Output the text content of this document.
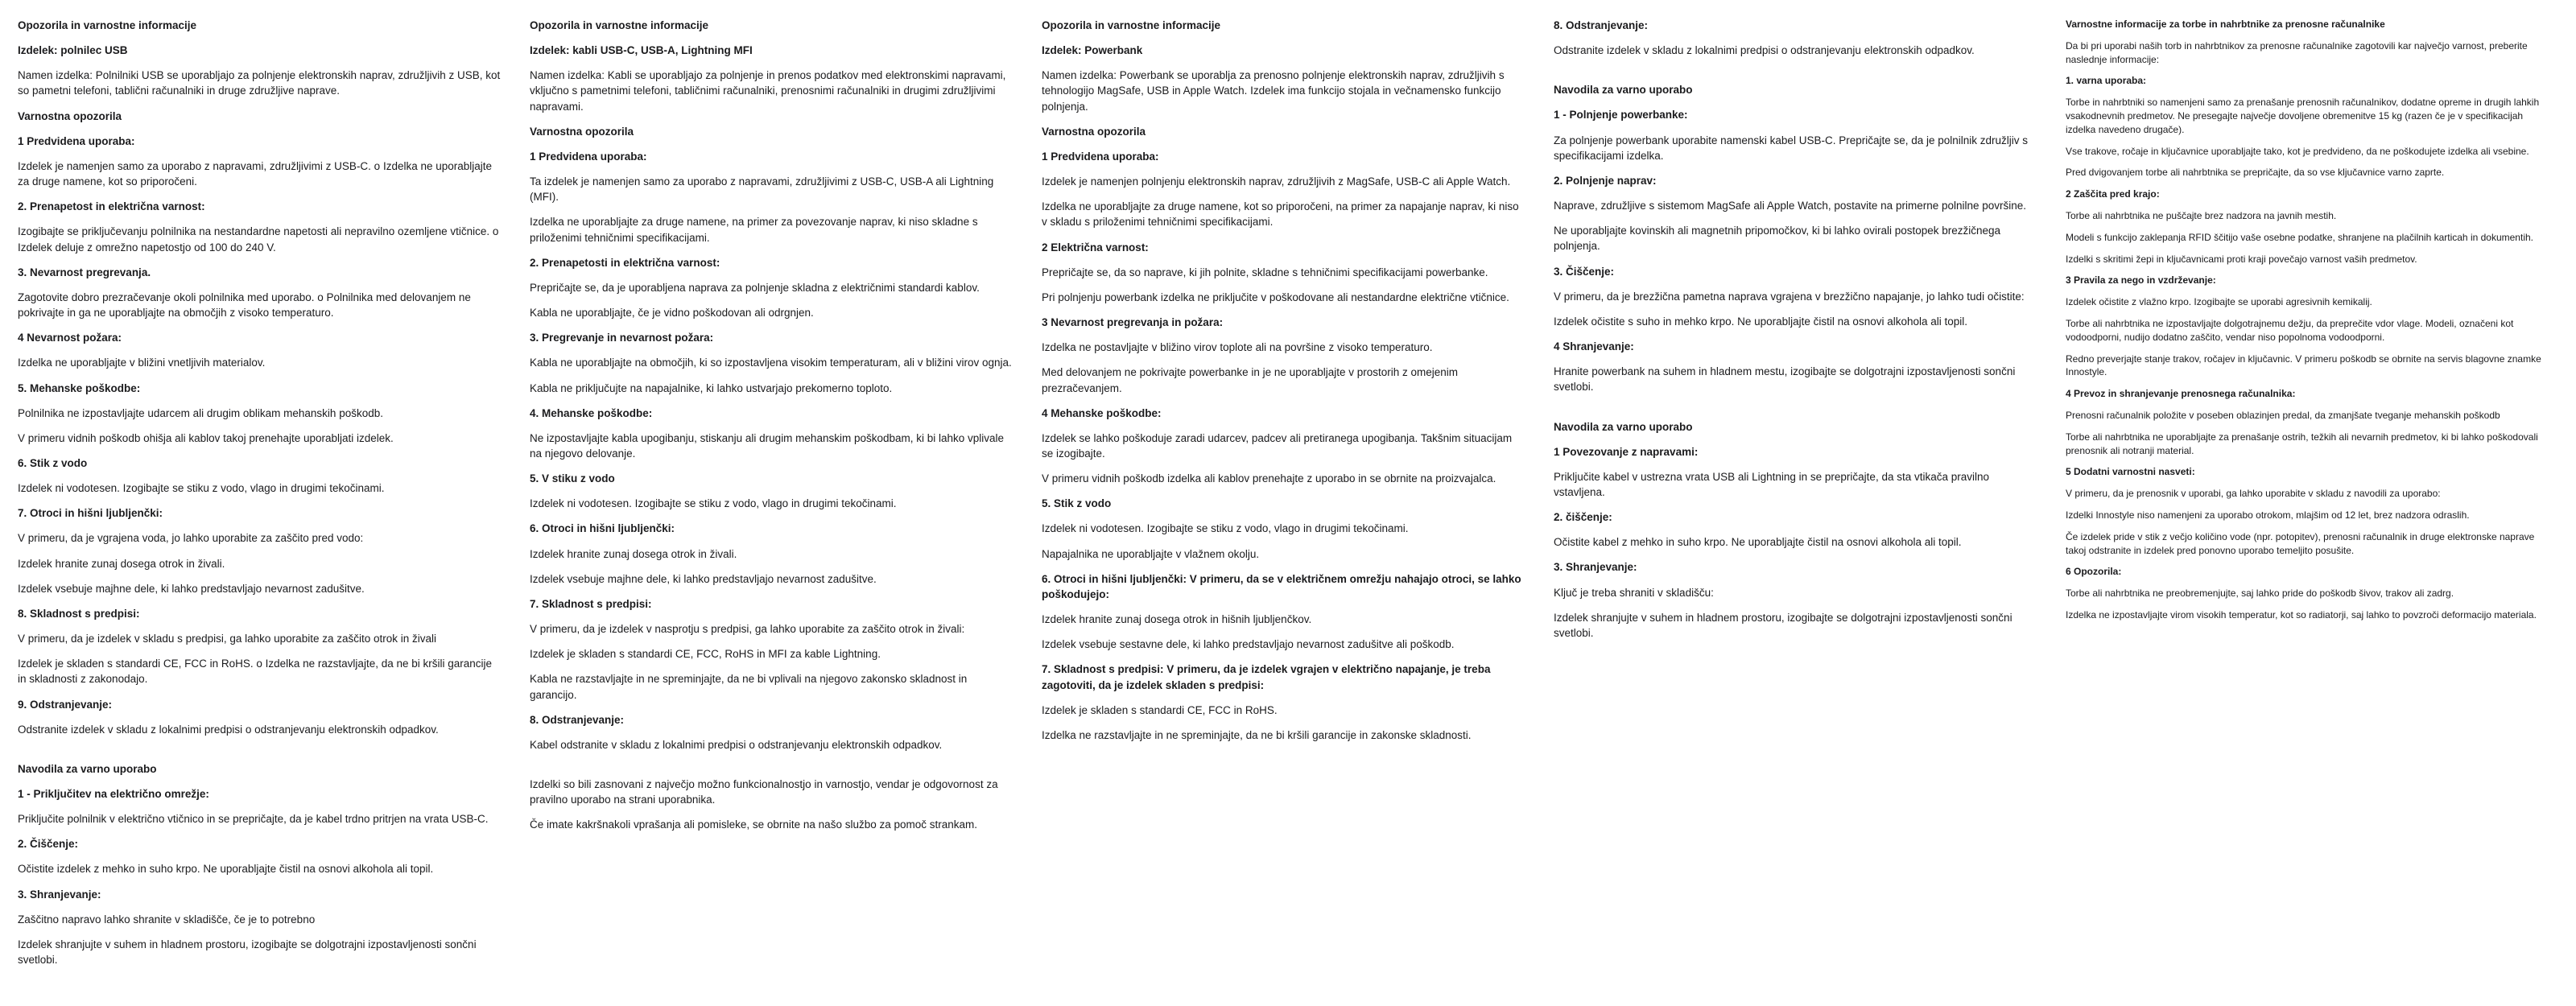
Opozorila in varnostne informacije
Izdelek: polnilec USB
Namen izdelka: Polnilniki USB se uporabljajo za polnjenje elektronskih naprav, združljivih z USB, kot so pametni telefoni, tablični računalniki in druge združljive naprave.
Varnostna opozorila
1 Predvidena uporaba:
Izdelek je namenjen samo za uporabo z napravami, združljivimi z USB-C. o Izdelka ne uporabljajte za druge namene, kot so priporočeni.
2. Prenapetost in električna varnost:
Izogibajte se priključevanju polnilnika na nestandardne napetosti ali nepravilno ozemljene vtičnice. o Izdelek deluje z omrežno napetostjo od 100 do 240 V.
3. Nevarnost pregrevanja.
Zagotovite dobro prezračevanje okoli polnilnika med uporabo. o Polnilnika med delovanjem ne pokrivajte in ga ne uporabljajte na območjih z visoko temperaturo.
4 Nevarnost požara:
Izdelka ne uporabljajte v bližini vnetljivih materialov.
5. Mehanske poškodbe:
Polnilnika ne izpostavljajte udarcem ali drugim oblikam mehanskih poškodb.
V primeru vidnih poškodb ohišja ali kablov takoj prenehajte uporabljati izdelek.
6. Stik z vodo
Izdelek ni vodotesen. Izogibajte se stiku z vodo, vlago in drugimi tekočinami.
7. Otroci in hišni ljubljenčki:
V primeru, da je vgrajena voda, jo lahko uporabite za zaščito pred vodo:
Izdelek hranite zunaj dosega otrok in živali.
Izdelek vsebuje majhne dele, ki lahko predstavljajo nevarnost zadušitve.
8. Skladnost s predpisi:
V primeru, da je izdelek v skladu s predpisi, ga lahko uporabite za zaščito otrok in živali
Izdelek je skladen s standardi CE, FCC in RoHS. o Izdelka ne razstavljajte, da ne bi kršili garancije in skladnosti z zakonodajo.
9. Odstranjevanje:
Odstranite izdelek v skladu z lokalnimi predpisi o odstranjevanju elektronskih odpadkov.
Navodila za varno uporabo
1 - Priključitev na električno omrežje:
Priključite polnilnik v električno vtičnico in se prepričajte, da je kabel trdno pritrjen na vrata USB-C.
2. Čiščenje:
Očistite izdelek z mehko in suho krpo. Ne uporabljajte čistil na osnovi alkohola ali topil.
3. Shranjevanje:
Zaščitno napravo lahko shranite v skladišče, če je to potrebno
Izdelek shranjujte v suhem in hladnem prostoru, izogibajte se dolgotrajni izpostavljenosti sončni svetlobi.
Opozorila in varnostne informacije
Izdelek: kabli USB-C, USB-A, Lightning MFI
Namen izdelka: Kabli se uporabljajo za polnjenje in prenos podatkov med elektronskimi napravami, vključno s pametnimi telefoni, tabličnimi računalniki, prenosnimi računalniki in drugimi združljivimi napravami.
Varnostna opozorila
1 Predvidena uporaba:
Ta izdelek je namenjen samo za uporabo z napravami, združljivimi z USB-C, USB-A ali Lightning (MFI).
Izdelka ne uporabljajte za druge namene, na primer za povezovanje naprav, ki niso skladne s priloženimi tehničnimi specifikacijami.
2. Prenapetosti in električna varnost:
Prepričajte se, da je uporabljena naprava za polnjenje skladna z električnimi standardi kablov.
Kabla ne uporabljajte, če je vidno poškodovan ali odrgnjen.
3. Pregrevanje in nevarnost požara:
Kabla ne uporabljajte na območjih, ki so izpostavljena visokim temperaturam, ali v bližini virov ognja.
Kabla ne priključujte na napajalnike, ki lahko ustvarjajo prekomerno toploto.
4. Mehanske poškodbe:
Ne izpostavljajte kabla upogibanju, stiskanju ali drugim mehanskim poškodbam, ki bi lahko vplivale na njegovo delovanje.
5. V stiku z vodo
Izdelek ni vodotesen. Izogibajte se stiku z vodo, vlago in drugimi tekočinami.
6. Otroci in hišni ljubljenčki:
Izdelek hranite zunaj dosega otrok in živali.
Izdelek vsebuje majhne dele, ki lahko predstavljajo nevarnost zadušitve.
7. Skladnost s predpisi:
V primeru, da je izdelek v nasprotju s predpisi, ga lahko uporabite za zaščito otrok in živali:
Izdelek je skladen s standardi CE, FCC, RoHS in MFI za kable Lightning.
Kabla ne razstavljajte in ne spreminjajte, da ne bi vplivali na njegovo zakonsko skladnost in garancijo.
8. Odstranjevanje:
Kabel odstranite v skladu z lokalnimi predpisi o odstranjevanju elektronskih odpadkov.
Izdelki so bili zasnovani z največjo možno funkcionalnostjo in varnostjo, vendar je odgovornost za pravilno uporabo na strani uporabnika.
Če imate kakršnakoli vprašanja ali pomisleke, se obrnite na našo službo za pomoč strankam.
Opozorila in varnostne informacije
Izdelek: Powerbank
Namen izdelka: Powerbank se uporablja za prenosno polnjenje elektronskih naprav, združljivih s tehnologijo MagSafe, USB in Apple Watch. Izdelek ima funkcijo stojala in večnamensko funkcijo polnjenja.
Varnostna opozorila
1 Predvidena uporaba:
Izdelek je namenjen polnjenju elektronskih naprav, združljivih z MagSafe, USB-C ali Apple Watch.
Izdelka ne uporabljajte za druge namene, kot so priporočeni, na primer za napajanje naprav, ki niso v skladu s priloženimi tehničnimi specifikacijami.
2 Električna varnost:
Prepričajte se, da so naprave, ki jih polnite, skladne s tehničnimi specifikacijami powerbanke.
Pri polnjenju powerbank izdelka ne priključite v poškodovane ali nestandardne električne vtičnice.
3 Nevarnost pregrevanja in požara:
Izdelka ne postavljajte v bližino virov toplote ali na površine z visoko temperaturo.
Med delovanjem ne pokrivajte powerbanke in je ne uporabljajte v prostorih z omejenim prezračevanjem.
4 Mehanske poškodbe:
Izdelek se lahko poškoduje zaradi udarcev, padcev ali pretiranega upogibanja. Takšnim situacijam se izogibajte.
V primeru vidnih poškodb izdelka ali kablov prenehajte z uporabo in se obrnite na proizvajalca.
5. Stik z vodo
Izdelek ni vodotesen. Izogibajte se stiku z vodo, vlago in drugimi tekočinami.
Napajalnika ne uporabljajte v vlažnem okolju.
6. Otroci in hišni ljubljenčki: V primeru, da se v električnem omrežju nahajajo otroci, se lahko poškodujejo:
Izdelek hranite zunaj dosega otrok in hišnih ljubljenčkov.
Izdelek vsebuje sestavne dele, ki lahko predstavljajo nevarnost zadušitve ali poškodb.
7. Skladnost s predpisi: V primeru, da je izdelek vgrajen v električno napajanje, je treba zagotoviti, da je izdelek skladen s predpisi:
Izdelek je skladen s standardi CE, FCC in RoHS.
Izdelka ne razstavljajte in ne spreminjajte, da ne bi kršili garancije in zakonske skladnosti.
8. Odstranjevanje:
Odstranite izdelek v skladu z lokalnimi predpisi o odstranjevanju elektronskih odpadkov.
Navodila za varno uporabo
1 - Polnjenje powerbanke:
Za polnjenje powerbank uporabite namenski kabel USB-C. Prepričajte se, da je polnilnik združljiv s specifikacijami izdelka.
2. Polnjenje naprav:
Naprave, združljive s sistemom MagSafe ali Apple Watch, postavite na primerne polnilne površine.
Ne uporabljajte kovinskih ali magnetnih pripomočkov, ki bi lahko ovirali postopek brezžičnega polnjenja.
3. Čiščenje:
V primeru, da je brezžična pametna naprava vgrajena v brezžično napajanje, jo lahko tudi očistite:
Izdelek očistite s suho in mehko krpo. Ne uporabljajte čistil na osnovi alkohola ali topil.
4 Shranjevanje:
Hranite powerbank na suhem in hladnem mestu, izogibajte se dolgotrajni izpostavljenosti sončni svetlobi.
Navodila za varno uporabo
1 Povezovanje z napravami:
Priključite kabel v ustrezna vrata USB ali Lightning in se prepričajte, da sta vtikača pravilno vstavljena.
2. čiščenje:
Očistite kabel z mehko in suho krpo. Ne uporabljajte čistil na osnovi alkohola ali topil.
3. Shranjevanje:
Ključ je treba shraniti v skladišču:
Izdelek shranjujte v suhem in hladnem prostoru, izogibajte se dolgotrajni izpostavljenosti sončni svetlobi.
Varnostne informacije za torbe in nahrbtnike za prenosne računalnike
Da bi pri uporabi naših torb in nahrbtnikov za prenosne računalnike zagotovili kar največjo varnost, preberite naslednje informacije:
1. varna uporaba:
Torbe in nahrbtniki so namenjeni samo za prenašanje prenosnih računalnikov, dodatne opreme in drugih lahkih vsakodnevnih predmetov. Ne presegajte največje dovoljene obremenitve 15 kg (razen če je v specifikacijah izdelka navedeno drugače).
Vse trakove, ročaje in ključavnice uporabljajte tako, kot je predvideno, da ne poškodujete izdelka ali vsebine.
Pred dvigovanjem torbe ali nahrbtnika se prepričajte, da so vse ključavnice varno zaprte.
2 Zaščita pred krajo:
Torbe ali nahrbtnika ne puščajte brez nadzora na javnih mestih.
Modeli s funkcijo zaklepanja RFID ščitijo vaše osebne podatke, shranjene na plačilnih karticah in dokumentih.
Izdelki s skritimi žepi in ključavnicami proti kraji povečajo varnost vaših predmetov.
3 Pravila za nego in vzdrževanje:
Izdelek očistite z vlažno krpo. Izogibajte se uporabi agresivnih kemikalij.
Torbe ali nahrbtnika ne izpostavljajte dolgotrajnemu dežju, da preprečite vdor vlage. Modeli, označeni kot vodoodporni, nudijo dodatno zaščito, vendar niso popolnoma vodoodporni.
Redno preverjajte stanje trakov, ročajev in ključavnic. V primeru poškodb se obrnite na servis blagovne znamke Innostyle.
4 Prevoz in shranjevanje prenosnega računalnika:
Prenosni računalnik položite v poseben oblazinjen predal, da zmanjšate tveganje mehanskih poškodb
Torbe ali nahrbtnika ne uporabljajte za prenašanje ostrih, težkih ali nevarnih predmetov, ki bi lahko poškodovali prenosnik ali notranji material.
5 Dodatni varnostni nasveti:
V primeru, da je prenosnik v uporabi, ga lahko uporabite v skladu z navodili za uporabo:
Izdelki Innostyle niso namenjeni za uporabo otrokom, mlajšim od 12 let, brez nadzora odraslih.
Če izdelek pride v stik z večjo količino vode (npr. potopitev), prenosni računalnik in druge elektronske naprave takoj odstranite in izdelek pred ponovno uporabo temeljito posušite.
6 Opozorila:
Torbe ali nahrbtnika ne preobremenjujte, saj lahko pride do poškodb šivov, trakov ali zadrg.
Izdelka ne izpostavljajte virom visokih temperatur, kot so radiatorji, saj lahko to povzroči deformacijo materiala.
